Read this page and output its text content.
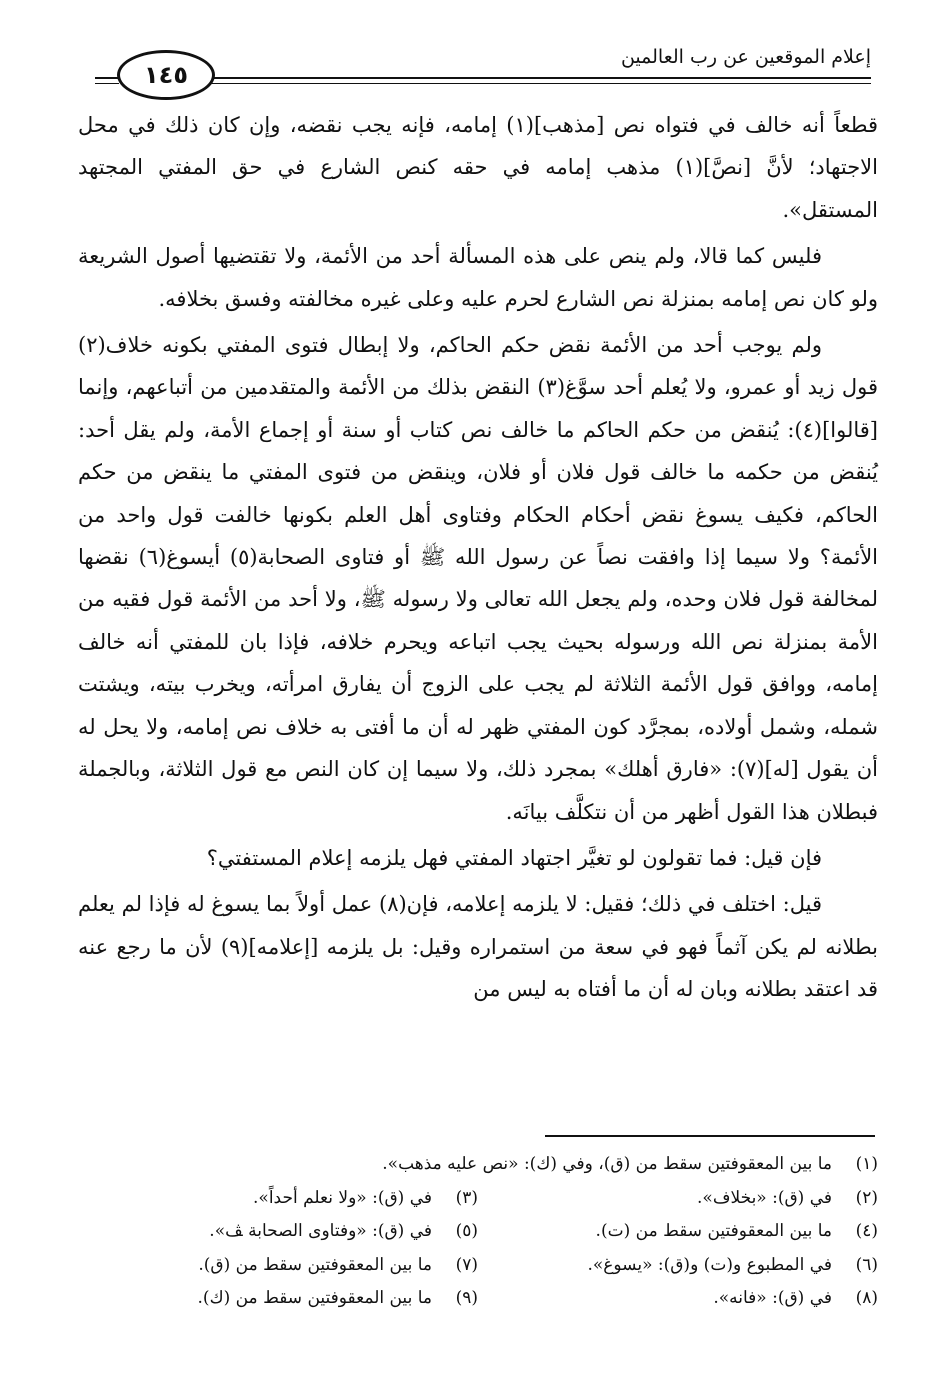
إعلام الموقعين عن رب العالمين
١٤٥

قطعاً أنه خالف في فتواه نص [مذهب](١) إمامه، فإنه يجب نقضه، وإن كان ذلك في محل الاجتهاد؛ لأنَّ [نصَّ](١) مذهب إمامه في حقه كنص الشارع في حق المفتي المجتهد المستقل».

فليس كما قالا، ولم ينص على هذه المسألة أحد من الأئمة، ولا تقتضيها أصول الشريعة ولو كان نص إمامه بمنزلة نص الشارع لحرم عليه وعلى غيره مخالفته وفسق بخلافه.

ولم يوجب أحد من الأئمة نقض حكم الحاكم، ولا إبطال فتوى المفتي بكونه خلاف(٢) قول زيد أو عمرو، ولا يُعلم أحد سوَّغ(٣) النقض بذلك من الأئمة والمتقدمين من أتباعهم، وإنما [قالوا](٤): يُنقض من حكم الحاكم ما خالف نص كتاب أو سنة أو إجماع الأمة، ولم يقل أحد: يُنقض من حكمه ما خالف قول فلان أو فلان، وينقض من فتوى المفتي ما ينقض من حكم الحاكم، فكيف يسوغ نقض أحكام الحكام وفتاوى أهل العلم بكونها خالفت قول واحد من الأئمة؟ ولا سيما إذا وافقت نصاً عن رسول الله ﷺ أو فتاوى الصحابة(٥) أيسوغ(٦) نقضها لمخالفة قول فلان وحده، ولم يجعل الله تعالى ولا رسوله ﷺ، ولا أحد من الأئمة قول فقيه من الأمة بمنزلة نص الله ورسوله بحيث يجب اتباعه ويحرم خلافه، فإذا بان للمفتي أنه خالف إمامه، ووافق قول الأئمة الثلاثة لم يجب على الزوج أن يفارق امرأته، ويخرب بيته، ويشتت شمله، وشمل أولاده، بمجرَّد كون المفتي ظهر له أن ما أفتى به خلاف نص إمامه، ولا يحل له أن يقول [له](٧): «فارق أهلك» بمجرد ذلك، ولا سيما إن كان النص مع قول الثلاثة، وبالجملة فبطلان هذا القول أظهر من أن نتكلَّف بيانَه.

فإن قيل: فما تقولون لو تغيَّر اجتهاد المفتي فهل يلزمه إعلام المستفتي؟

قيل: اختلف في ذلك؛ فقيل: لا يلزمه إعلامه، فإن(٨) عمل أولاً بما يسوغ له فإذا لم يعلم بطلانه لم يكن آثماً فهو في سعة من استمراره وقيل: بل يلزمه [إعلامه](٩) لأن ما رجع عنه قد اعتقد بطلانه وبان له أن ما أفتاه به ليس من

(١)ما بين المعقوفتين سقط من (ق)، وفي (ك): «نص عليه مذهب».
(٢)في (ق): «بخلاف».
(٣)في (ق): «ولا نعلم أحداً».
(٤)ما بين المعقوفتين سقط من (ت).
(٥)في (ق): «وفتاوى الصحابة ﭫ».
(٦)في المطبوع و(ت) و(ق): «يسوغ».
(٧)ما بين المعقوفتين سقط من (ق).
(٨)في (ق): «فانه».
(٩)ما بين المعقوفتين سقط من (ك).
